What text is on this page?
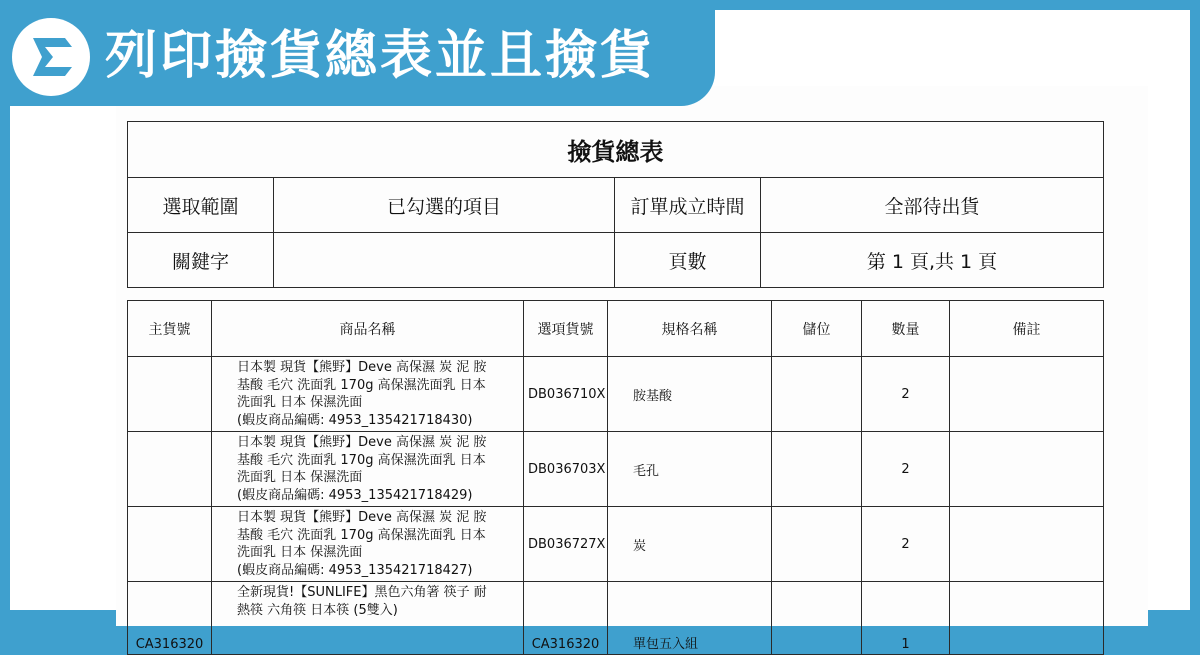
撿貨總表			
選取範圍	已勾選的項目	訂單成立時間	全部待出貨
關鍵字		頁數	第 1 頁,共 1 頁
主貨號	商品名稱	選項貨號	規格名稱	儲位	數量	備註

	日本製 現貨【熊野】Deve 高保濕 炭 泥 胺
基酸 毛穴 洗面乳 170g 高保濕洗面乳 日本
洗面乳 日本 保濕洗面
(蝦皮商品編碼: 4953_135421718430)	DB036710X	胺基酸		2	

	日本製 現貨【熊野】Deve 高保濕 炭 泥 胺
基酸 毛穴 洗面乳 170g 高保濕洗面乳 日本
洗面乳 日本 保濕洗面
(蝦皮商品編碼: 4953_135421718429)	DB036703X	毛孔		2	

	日本製 現貨【熊野】Deve 高保濕 炭 泥 胺
基酸 毛穴 洗面乳 170g 高保濕洗面乳 日本
洗面乳 日本 保濕洗面
(蝦皮商品編碼: 4953_135421718427)	DB036727X	炭		2	
CA316320	全新現貨!【SUNLIFE】黑色六角箸 筷子 耐
熱筷 六角筷 日本筷 (5雙入)	CA316320	單包五入組		1	
列印撿貨總表並且撿貨
